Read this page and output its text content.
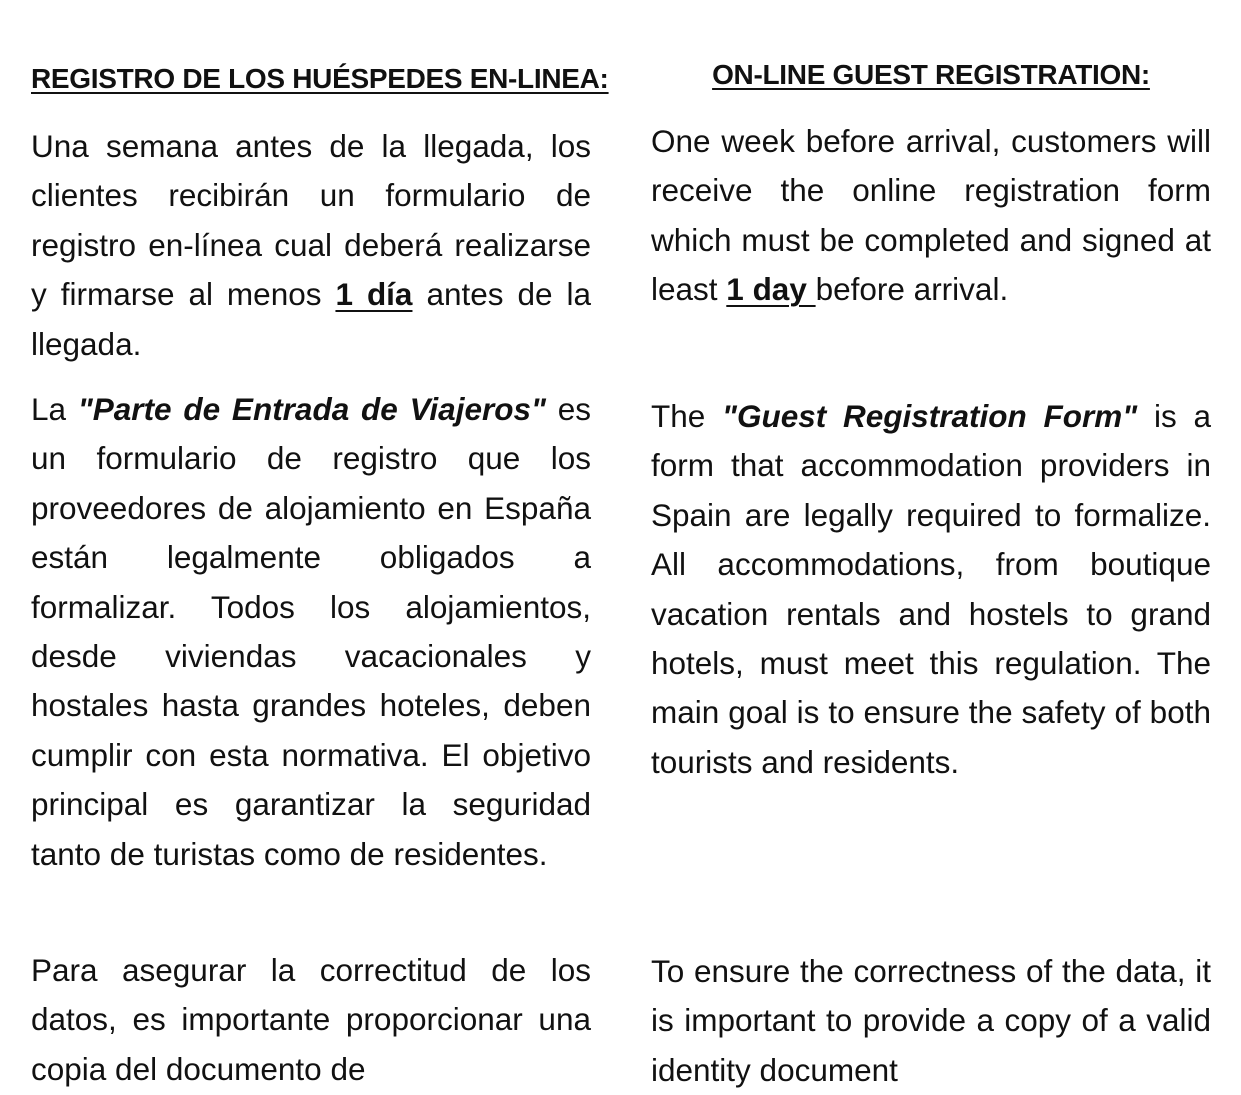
REGISTRO DE LOS HUÉSPEDES EN-LINEA:
Una semana antes de la llegada, los clientes recibirán un formulario de registro en-línea cual deberá realizarse y firmarse al menos 1 día antes de la llegada.
La "Parte de Entrada de Viajeros" es un formulario de registro que los proveedores de alojamiento en España están legalmente obligados a formalizar. Todos los alojamientos, desde viviendas vacacionales y hostales hasta grandes hoteles, deben cumplir con esta normativa. El objetivo principal es garantizar la seguridad tanto de turistas como de residentes.
Para asegurar la correctitud de los datos, es importante proporcionar una copia del documento de
ON-LINE GUEST REGISTRATION:
One week before arrival, customers will receive the online registration form which must be completed and signed at least 1 day before arrival.
The "Guest Registration Form" is a form that accommodation providers in Spain are legally required to formalize. All accommodations, from boutique vacation rentals and hostels to grand hotels, must meet this regulation. The main goal is to ensure the safety of both tourists and residents.
To ensure the correctness of the data, it is important to provide a copy of a valid identity document
